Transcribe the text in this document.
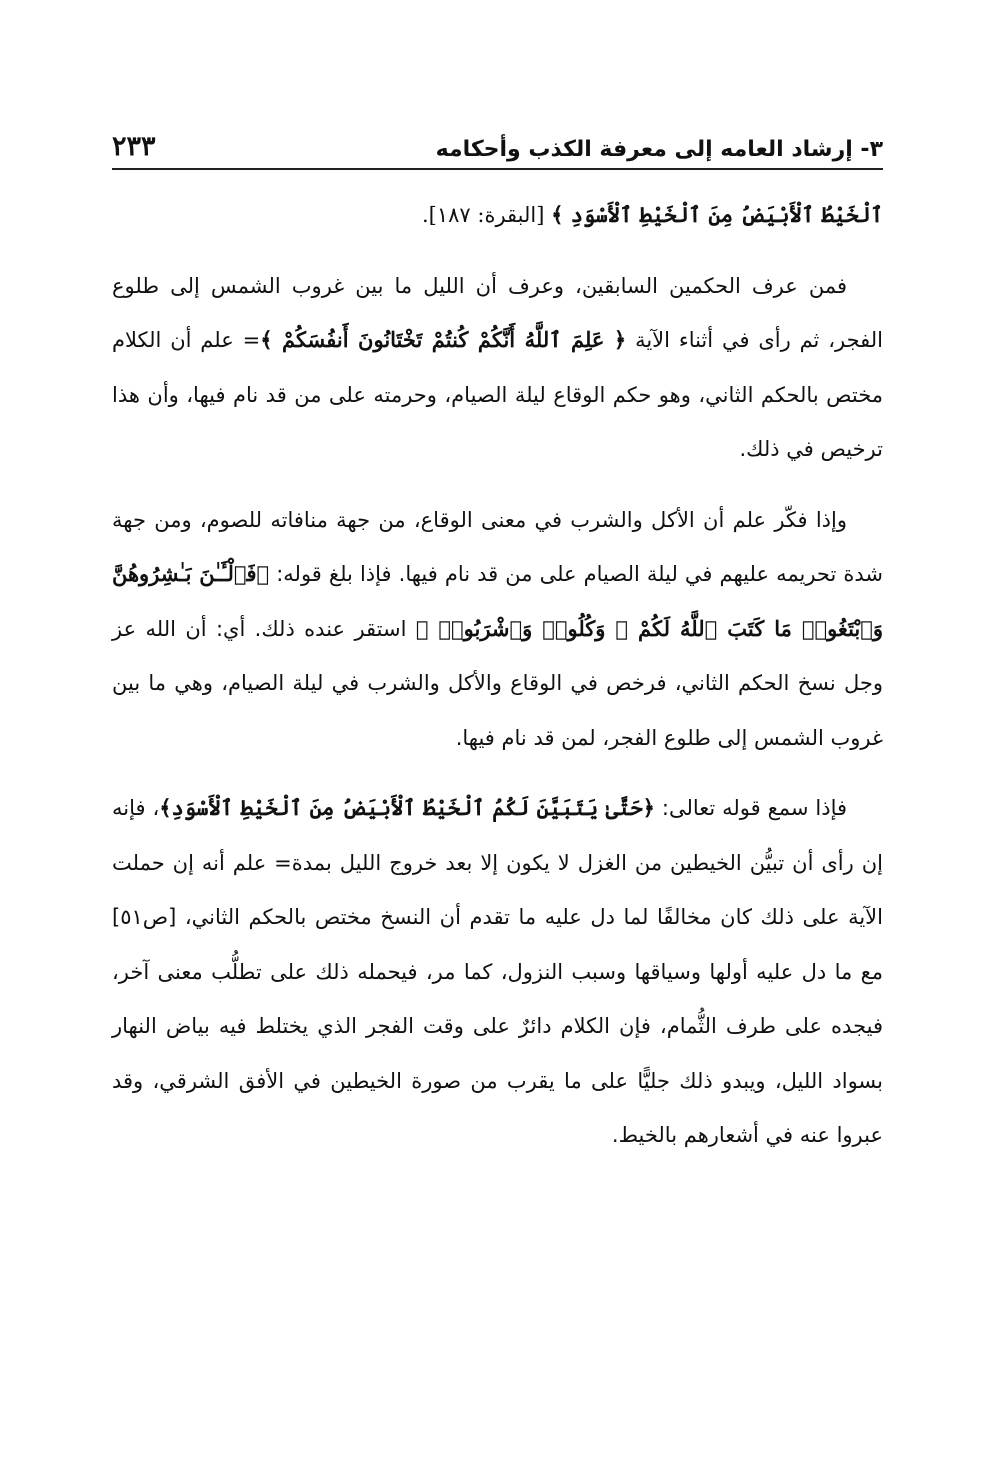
٢٣٣	٣- إرشاد العامه إلى معرفة الكذب وأحكامه

ٱلْخَيْطُ ٱلْأَبْيَضُ مِنَ ٱلْخَيْطِ ٱلْأَسْوَدِ ﴾ [البقرة: ١٨٧].

فمن عرف الحكمين السابقين، وعرف أن الليل ما بين غروب الشمس إلى طلوع الفجر، ثم رأى في أثناء الآية ﴿ عَلِمَ ٱللَّهُ أَنَّكُمْ كُنتُمْ تَخْتَانُونَ أَنفُسَكُمْ ﴾= علم أن الكلام مختص بالحكم الثاني، وهو حكم الوقاع ليلة الصيام، وحرمته على من قد نام فيها، وأن هذا ترخيص في ذلك.

وإذا فكّر علم أن الأكل والشرب في معنى الوقاع، من جهة منافاته للصوم، ومن جهة شدة تحريمه عليهم في ليلة الصيام على من قد نام فيها. فإذا بلغ قوله: ﴿فَٱلْـَٔـٰنَ بَـٰشِرُوهُنَّ وَٱبْتَغُوا۟ مَا كَتَبَ ٱللَّهُ لَكُمْ ۚ وَكُلُوا۟ وَٱشْرَبُوا۟ ﴾ استقر عنده ذلك. أي: أن الله عز وجل نسخ الحكم الثاني، فرخص في الوقاع والأكل والشرب في ليلة الصيام، وهي ما بين غروب الشمس إلى طلوع الفجر، لمن قد نام فيها.

فإذا سمع قوله تعالى: ﴿حَتَّىٰ يَتَبَيَّنَ لَكُمُ ٱلْخَيْطُ ٱلْأَبْيَضُ مِنَ ٱلْخَيْطِ ٱلْأَسْوَدِ﴾، فإنه إن رأى أن تبيُّن الخيطين من الغزل لا يكون إلا بعد خروج الليل بمدة= علم أنه إن حملت الآية على ذلك كان مخالفًا لما دل عليه ما تقدم أن النسخ مختص بالحكم الثاني، [ص٥١] مع ما دل عليه أولها وسياقها وسبب النزول، كما مر، فيحمله ذلك على تطلُّب معنى آخر، فيجده على طرف الثُّمام، فإن الكلام دائرٌ على وقت الفجر الذي يختلط فيه بياض النهار بسواد الليل، ويبدو ذلك جليًّا على ما يقرب من صورة الخيطين في الأفق الشرقي، وقد عبروا عنه في أشعارهم بالخيط.
